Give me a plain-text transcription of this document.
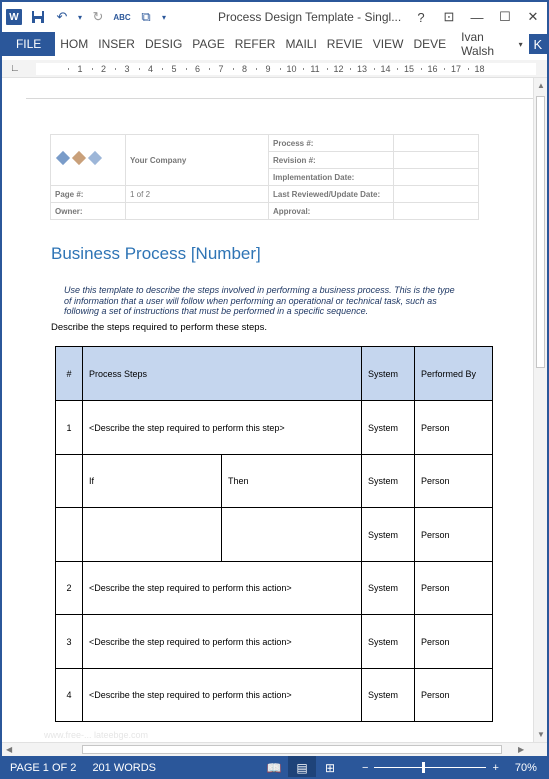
W	↶	▾ ↻	ABC ⧉	▾	Process Design Template - Singl...	?	⊡	—	☐	✕
FILE	HOM INSER DESIG PAGE REFER MAILI REVIE VIEW DEVE	Ivan Walsh	▾ K
∟	1 2 3 4 5 6 7 8 9 10 11 12 13 14 15 16 17 18
	Your Company	Process #:	
		Revision #:	
		Implementation Date:	
Page #:	1 of 2	Last Reviewed/Update Date:	
Owner:		Approval:	
Business Process [Number]
Use this template to describe the steps involved in performing a business process. This is the type of information that a user will follow when performing an operational or technical task, such as following a set of instructions that must be performed in a specific sequence.
Describe the steps required to perform these steps.
#	Process Steps		System	Performed By
1	<Describe the step required to perform this step>		System	Person
	If	Then	System	Person
			System	Person
2	<Describe the step required to perform this action>		System	Person
3	<Describe the step required to perform this action>		System	Person
4	<Describe the step required to perform this action>		System	Person
www.free-... lateebge.com
▲
▼
◀	▶
PAGE 1 OF 2	201 WORDS	📖	▤	⊞	−	+ 70%
